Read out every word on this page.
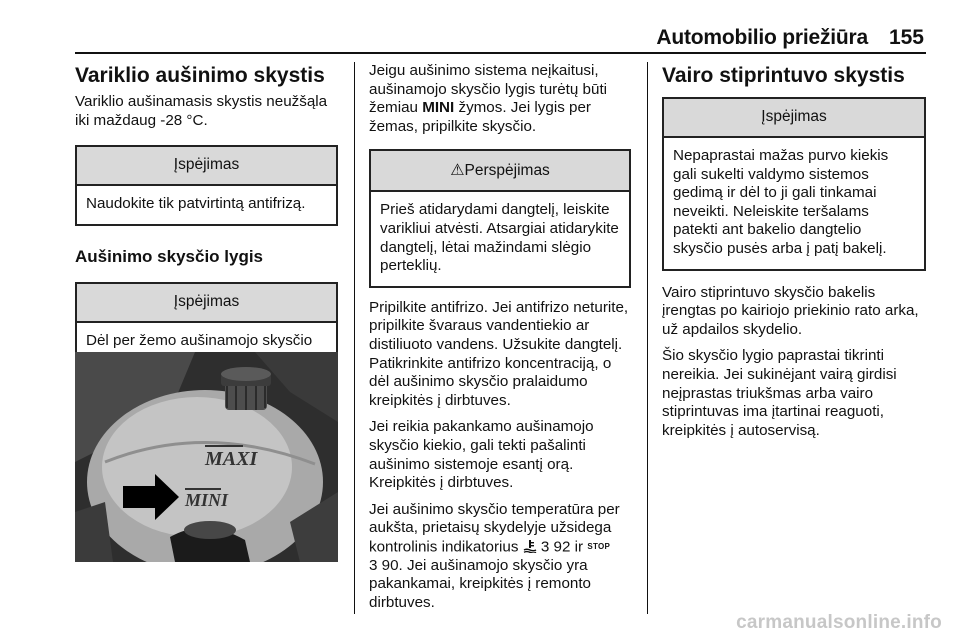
Automobilio priežiūra 155
Variklio aušinimo skystis

Variklio aušinamasis skystis neužšąla iki maždaug -28 °C.

Įspėjimas
Naudokite tik patvirtintą antifrizą.
Aušinimo skysčio lygis
Įspėjimas
Dėl per žemo aušinamojo skysčio
MAXI
MINI

Jeigu aušinimo sistema neįkaitusi, aušinamojo skysčio lygis turėtų būti žemiau MINI žymos. Jei lygis per žemas, pripilkite skysčio.

⚠Perspėjimas
Prieš atidarydami dangtelį, leiskite varikliui atvėsti. Atsargiai atidarykite dangtelį, lėtai mažindami slėgio perteklių.

Pripilkite antifrizo. Jei antifrizo neturite, pripilkite švaraus vandentiekio ar distiliuoto vandens. Užsukite dangtelį. Patikrinkite antifrizo koncentraciją, o dėl aušinimo skysčio pralaidumo kreipkitės į dirbtuves.

Jei reikia pakankamo aušinamojo skysčio kiekio, gali tekti pašalinti aušinimo sistemoje esantį orą. Kreipkitės į dirbtuves.

Jei aušinimo skysčio temperatūra per aukšta, prietaisų skydelyje užsidega kontrolinis indikatorius  3 92 ir STOP
3 90. Jei aušinamojo skysčio yra pakankamai, kreipkitės į remonto dirbtuves.

Vairo stiprintuvo skystis
Įspėjimas
Nepaprastai mažas purvo kiekis gali sukelti valdymo sistemos gedimą ir dėl to ji gali tinkamai neveikti. Neleiskite teršalams patekti ant bakelio dangtelio skysčio pusės arba į patį bakelį.

Vairo stiprintuvo skysčio bakelis įrengtas po kairiojo priekinio rato arka, už apdailos skydelio.

Šio skysčio lygio paprastai tikrinti nereikia. Jei sukinėjant vairą girdisi neįprastas triukšmas arba vairo stiprintuvas ima įtartinai reaguoti, kreipkitės į autoservisą.

carmanualsonline.info
